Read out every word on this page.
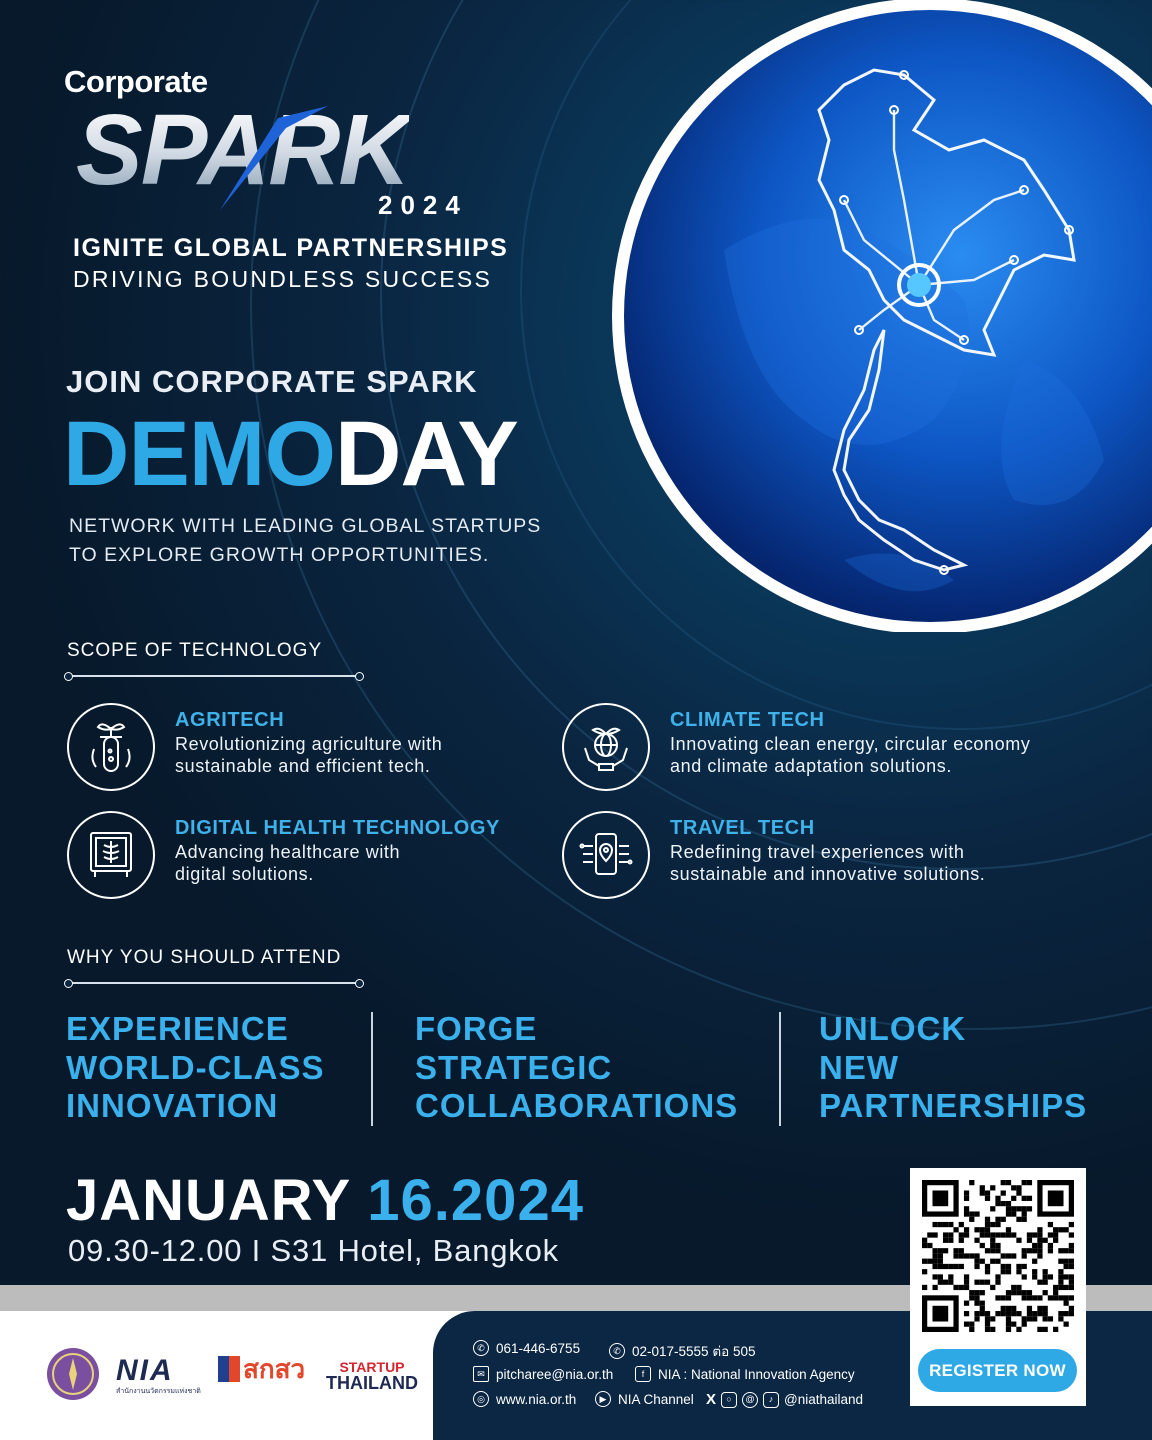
Corporate
SPARK
2024
IGNITE GLOBAL PARTNERSHIPS
DRIVING BOUNDLESS SUCCESS
JOIN CORPORATE SPARK
DEMODAY
NETWORK WITH LEADING GLOBAL STARTUPS
TO EXPLORE GROWTH OPPORTUNITIES.
SCOPE OF TECHNOLOGY
AGRITECH
Revolutionizing agriculture with
sustainable and efficient tech.
CLIMATE TECH
Innovating clean energy, circular economy
and climate adaptation solutions.
DIGITAL HEALTH TECHNOLOGY
Advancing healthcare with
digital solutions.
TRAVEL TECH
Redefining travel experiences with
sustainable and innovative solutions.
WHY YOU SHOULD ATTEND
EXPERIENCE
WORLD-CLASS
INNOVATION
FORGE
STRATEGIC
COLLABORATIONS
UNLOCK
NEW
PARTNERSHIPS
JANUARY 16.2024
09.30-12.00 I S31 Hotel, Bangkok
NIA
สำนักงานนวัตกรรมแห่งชาติ
สกสว	STARTUP
THAILAND
✆ 061-446-6755	✆ 02-017-5555 ต่อ 505
✉ pitcharee@nia.or.th	f	NIA : National Innovation Agency
◎ www.nia.or.th	▶ NIA Channel X	○	@	♪ @niathailand
REGISTER NOW
